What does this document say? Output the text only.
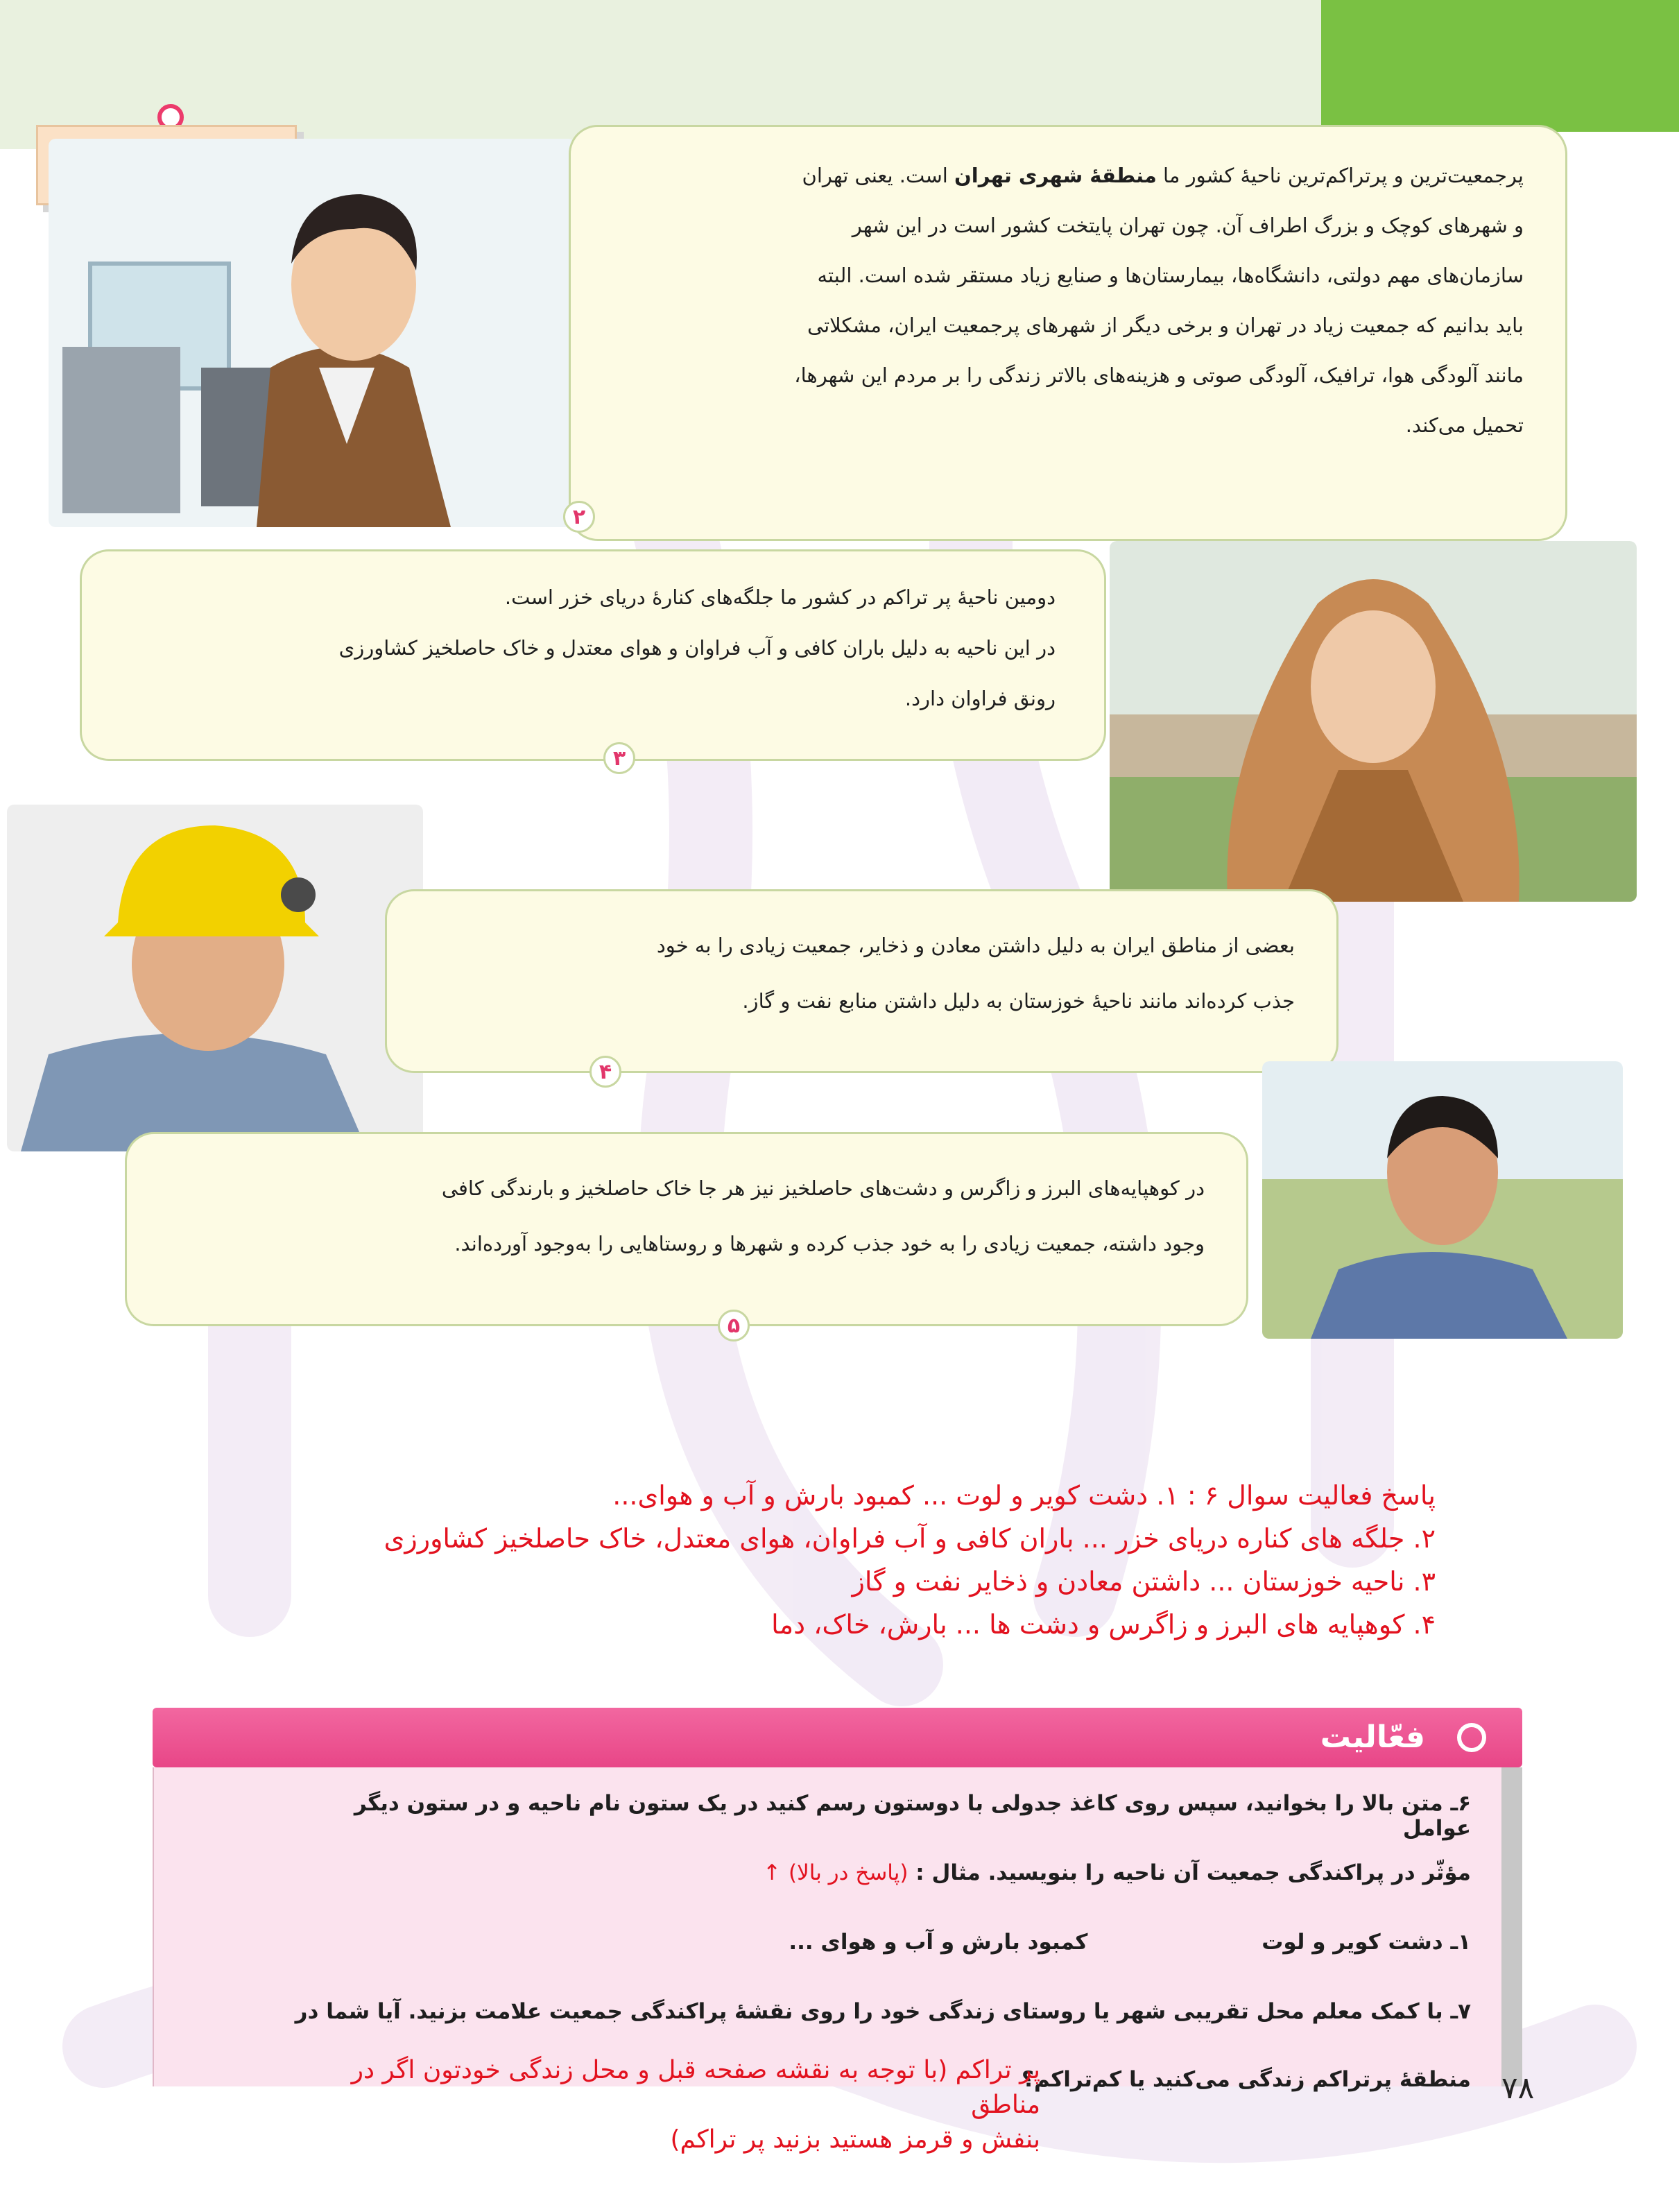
پرجمعیت‌ترین و پرتراکم‌ترین ناحیهٔ کشور ما منطقهٔ شهری تهران است. یعنی تهران

و شهرهای کوچک و بزرگ اطراف آن. چون تهران پایتخت کشور است در این شهر

سازمان‌های مهم دولتی، دانشگاه‌ها، بیمارستان‌ها و صنایع زیاد مستقر شده است. البته

باید بدانیم که جمعیت زیاد در تهران و برخی دیگر از شهرهای پرجمعیت ایران، مشکلاتی

مانند آلودگی هوا، ترافیک، آلودگی صوتی و هزینه‌های بالاتر زندگی را بر مردم این شهرها،

تحمیل می‌کند.

۲

دومین ناحیهٔ پر تراکم در کشور ما جلگه‌های کنارهٔ دریای خزر است.

در این ناحیه به دلیل باران کافی و آب فراوان و هوای معتدل و خاک حاصلخیز کشاورزی

رونق فراوان دارد.

۳

بعضی از مناطق ایران به دلیل داشتن معادن و ذخایر، جمعیت زیادی را به خود

جذب کرده‌اند مانند ناحیهٔ خوزستان به دلیل داشتن منابع نفت و گاز.

۴

در کوهپایه‌های البرز و زاگرس و دشت‌های حاصلخیز نیز هر جا خاک حاصلخیز و بارندگی کافی

وجود داشته، جمعیت زیادی را به خود جذب کرده و شهرها و روستاهایی را به‌وجود آورده‌اند.

۵

پاسخ فعالیت سوال ۶ : ۱. دشت کویر و لوت ... کمبود بارش و آب و هوای...

۲. جلگه های کناره دریای خزر ... باران کافی و آب فراوان، هوای معتدل، خاک حاصلخیز کشاورزی

۳. ناحیه خوزستان ... داشتن معادن و ذخایر نفت و گاز

۴. کوهپایه های البرز و زاگرس و دشت ها ... بارش، خاک، دما

فعّالیت
۶ـ متن بالا را بخوانید، سپس روی کاغذ جدولی با دوستون رسم کنید در یک ستون نام ناحیه و در ستون دیگر عوامل
مؤثّر در پراکندگی جمعیت آن ناحیه را بنویسید. مثال : (پاسخ در بالا) ↑
۱ـ دشت کویر و لوت کمبود بارش و آب و هوای ...
۷ـ با کمک معلم محل تقریبی شهر یا روستای زندگی خود را روی نقشهٔ پراکندگی جمعیت علامت بزنید. آیا شما در
منطقهٔ پرتراکم زندگی می‌کنید یا کم‌تراکم؟

پر تراکم (با توجه به نقشه صفحه قبل و محل زندگی خودتون اگر در مناطق

بنفش و قرمز هستید بزنید پر تراکم)

۷۸
